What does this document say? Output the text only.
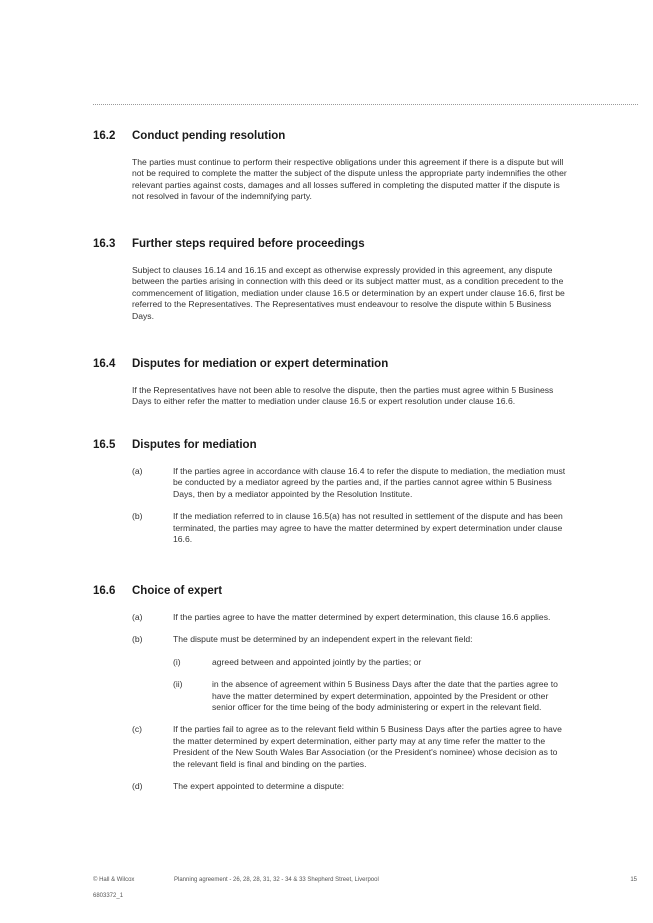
16.2	Conduct pending resolution

The parties must continue to perform their respective obligations under this agreement if there is a dispute but will not be required to complete the matter the subject of the dispute unless the appropriate party indemnifies the other relevant parties against costs, damages and all losses suffered in completing the disputed matter if the dispute is not resolved in favour of the indemnifying party.

16.3	Further steps required before proceedings

Subject to clauses 16.14 and 16.15 and except as otherwise expressly provided in this agreement, any dispute between the parties arising in connection with this deed or its subject matter must, as a condition precedent to the commencement of litigation, mediation under clause 16.5 or determination by an expert under clause 16.6, first be referred to the Representatives. The Representatives must endeavour to resolve the dispute within 5 Business Days.

16.4	Disputes for mediation or expert determination

If the Representatives have not been able to resolve the dispute, then the parties must agree within 5 Business Days to either refer the matter to mediation under clause 16.5 or expert resolution under clause 16.6.

16.5	Disputes for mediation
(a)	If the parties agree in accordance with clause 16.4 to refer the dispute to mediation, the mediation must be conducted by a mediator agreed by the parties and, if the parties cannot agree within 5 Business Days, then by a mediator appointed by the Resolution Institute.
(b)	If the mediation referred to in clause 16.5(a) has not resulted in settlement of the dispute and has been terminated, the parties may agree to have the matter determined by expert determination under clause 16.6.
16.6	Choice of expert
(a)	If the parties agree to have the matter determined by expert determination, this clause 16.6 applies.
(b)	The dispute must be determined by an independent expert in the relevant field:
(i)	agreed between and appointed jointly by the parties; or
(ii)	in the absence of agreement within 5 Business Days after the date that the parties agree to have the matter determined by expert determination, appointed by the President or other senior officer for the time being of the body administering or expert in the relevant field.
(c)	If the parties fail to agree as to the relevant field within 5 Business Days after the parties agree to have the matter determined by expert determination, either party may at any time refer the matter to the President of the New South Wales Bar Association (or the President's nominee) whose decision as to the relevant field is final and binding on the parties.
(d)	The expert appointed to determine a dispute:
© Hall & Wilcox	Planning agreement - 26, 28, 28, 31, 32 - 34 & 33 Shepherd Street, Liverpool	15
6803372_1
